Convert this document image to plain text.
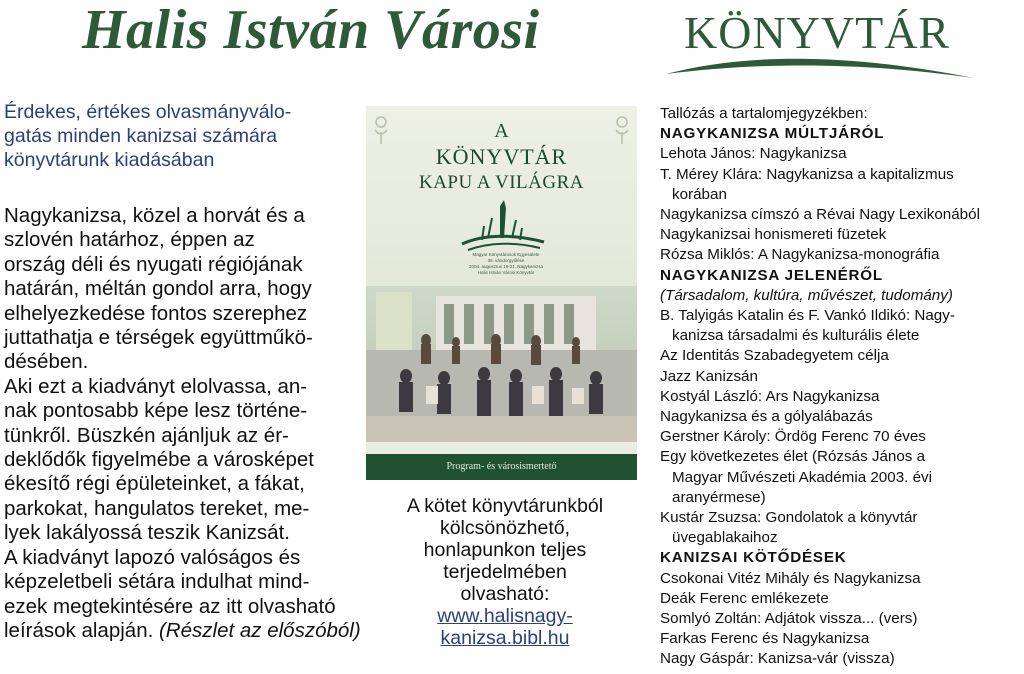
Halis István Városi	KÖNYVTÁR
Érdekes, értékes olvasmányválo-
gatás minden kanizsai számára
könyvtárunk kiadásában
Nagykanizsa, közel a horvát és a
szlovén határhoz, éppen az
ország déli és nyugati régiójának
határán, méltán gondol arra, hogy
elhelyezkedése fontos szerephez
juttathatja e térségek együttműkö-
désében.
Aki ezt a kiadványt elolvassa, an-
nak pontosabb képe lesz történe-
tünkről. Büszkén ajánljuk az ér-
deklődők figyelmébe a városképet
ékesítő régi épületeinket, a fákat,
parkokat, hangulatos tereket, me-
lyek lakályossá teszik Kanizsát.
A kiadványt lapozó valóságos és
képzeletbeli sétára indulhat mind-
ezek megtekintésére az itt olvasható
leírások alapján. (Részlet az előszóból)
A
KÖNYVTÁR
KAPU A VILÁGRA
Magyar Könyvtárosok Egyesülete
36. vándorgyűlése
2004. augusztus 19-21. Nagykanizsa
Halis István Városi Könyvtár
Program- és városismertető
A kötet könyvtárunkból
kölcsönözhető,
honlapunkon teljes
terjedelmében
olvasható:
www.halisnagy-
kanizsa.bibl.hu
Tallózás a tartalomjegyzékben:
NAGYKANIZSA MÚLTJÁRÓL
Lehota János: Nagykanizsa
T. Mérey Klára: Nagykanizsa a kapitalizmus
korában
Nagykanizsa címszó a Révai Nagy Lexikonából
Nagykanizsai honismereti füzetek
Rózsa Miklós: A Nagykanizsa-monográfia
NAGYKANIZSA JELENÉRŐL
(Társadalom, kultúra, művészet, tudomány)
B. Talyigás Katalin és F. Vankó Ildikó: Nagy-
kanizsa társadalmi és kulturális élete
Az Identitás Szabadegyetem célja
Jazz Kanizsán
Kostyál László: Ars Nagykanizsa
Nagykanizsa és a gólyalábazás
Gerstner Károly: Ördög Ferenc 70 éves
Egy következetes élet (Rózsás János a
Magyar Művészeti Akadémia 2003. évi
aranyérmese)
Kustár Zsuzsa: Gondolatok a könyvtár
üvegablakaihoz
KANIZSAI KÖTŐDÉSEK
Csokonai Vitéz Mihály és Nagykanizsa
Deák Ferenc emlékezete
Somlyó Zoltán: Adjátok vissza... (vers)
Farkas Ferenc és Nagykanizsa
Nagy Gáspár: Kanizsa-vár (vissza)
